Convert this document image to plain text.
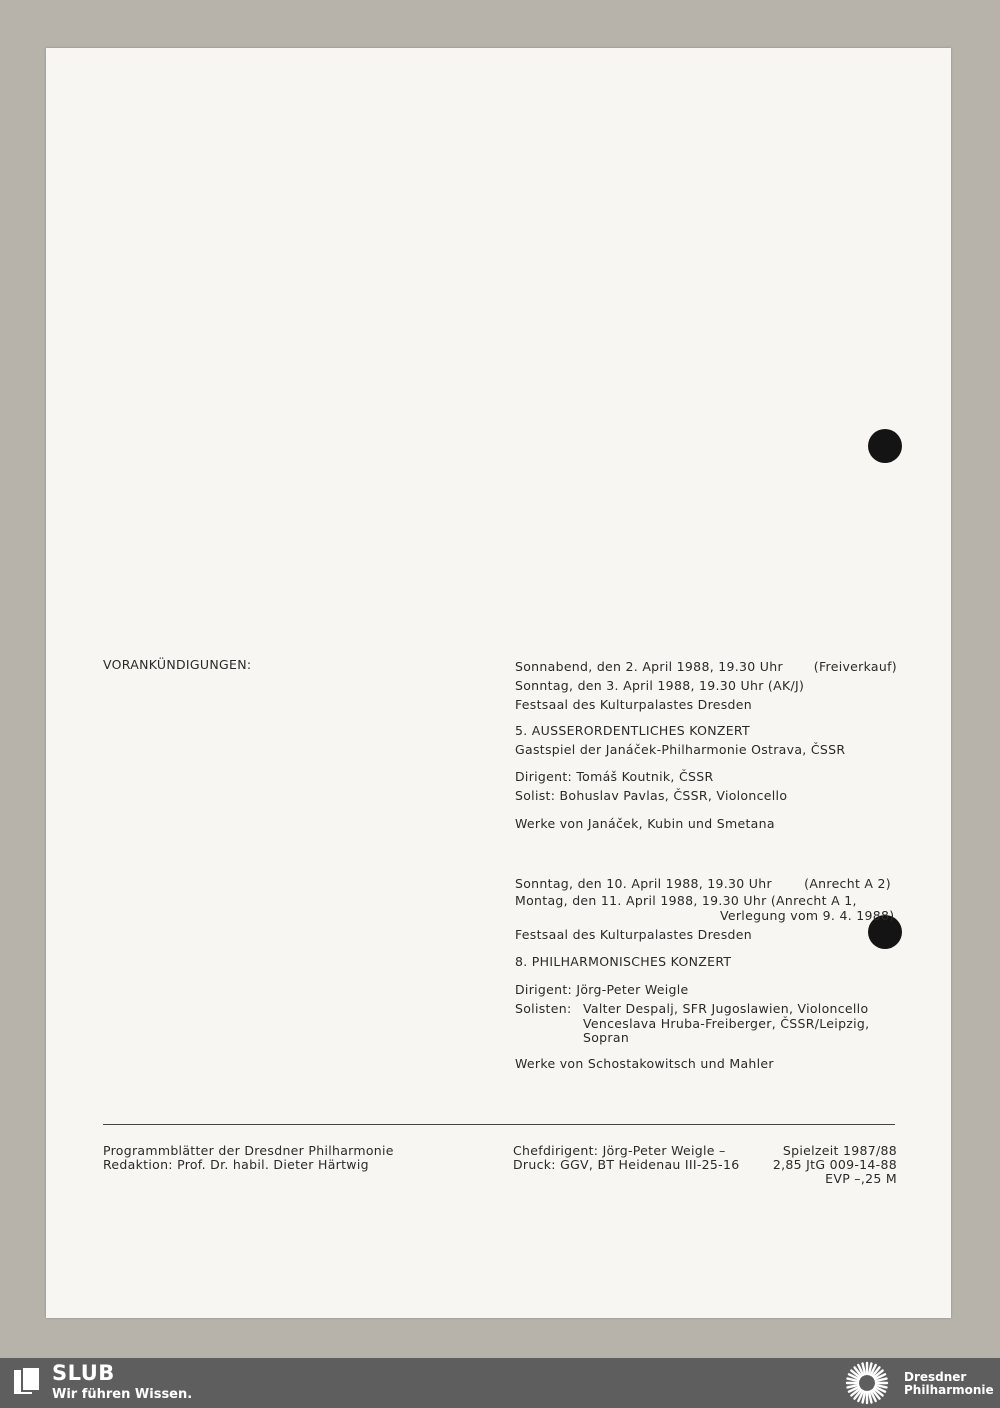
VORANKÜNDIGUNGEN:	Sonnabend, den 2. April 1988, 19.30 Uhr (Freiverkauf)
Sonntag, den 3. April 1988, 19.30 Uhr (AK/J)
Festsaal des Kulturpalastes Dresden
5. AUSSERORDENTLICHES KONZERT
Gastspiel der Janáček-Philharmonie Ostrava, ČSSR
Dirigent: Tomáš Koutnik, ČSSR
Solist: Bohuslav Pavlas, ČSSR, Violoncello
Werke von Janáček, Kubin und Smetana
Sonntag, den 10. April 1988, 19.30 Uhr	(Anrecht A 2)
Montag, den 11. April 1988, 19.30 Uhr (Anrecht A 1,
Verlegung vom 9. 4. 1988)
Festsaal des Kulturpalastes Dresden
8. PHILHARMONISCHES KONZERT
Dirigent: Jörg-Peter Weigle
Solisten: Valter Despalj, SFR Jugoslawien, Violoncello
Venceslava Hruba-Freiberger, ČSSR/Leipzig,
Sopran
Werke von Schostakowitsch und Mahler
Programmblätter der Dresdner Philharmonie
Redaktion: Prof. Dr. habil. Dieter Härtwig
Chefdirigent: Jörg-Peter Weigle –	Spielzeit 1987/88
Druck: GGV, BT Heidenau III-25-16	2,85 JtG 009-14-88
EVP –,25 M
SLUB
Wir führen Wissen.
Dresdner
Philharmonie
